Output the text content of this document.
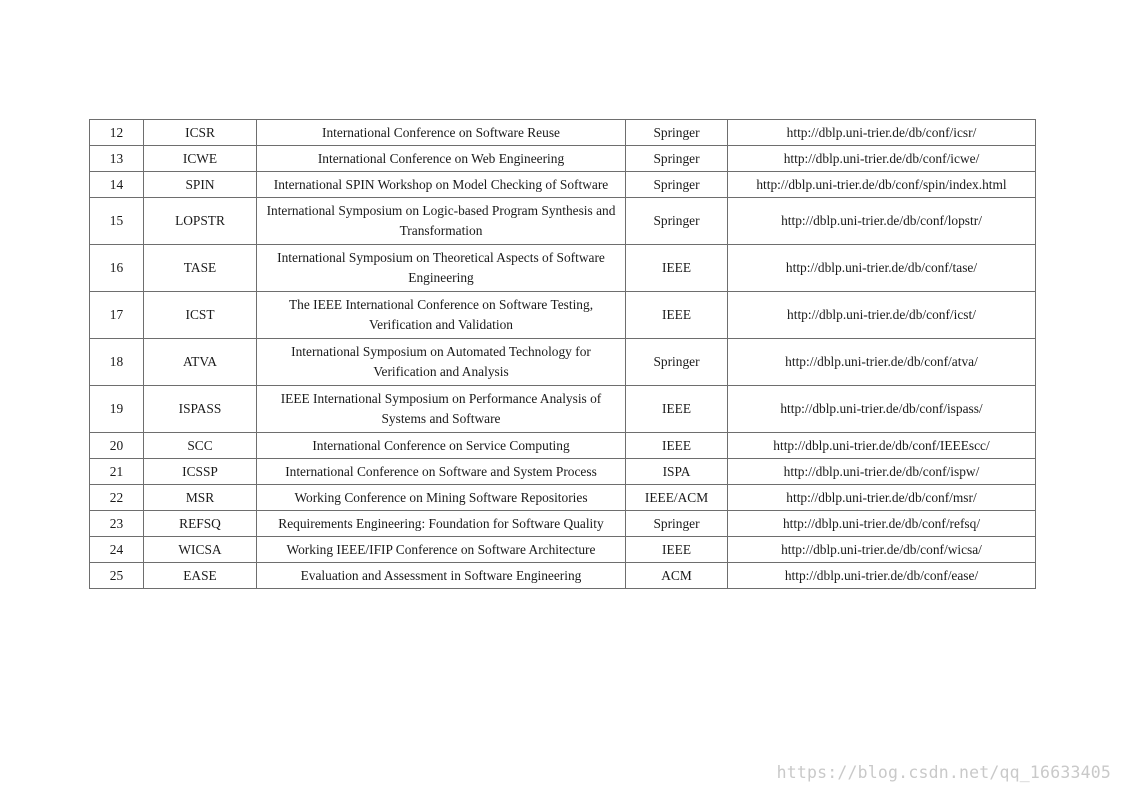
12	ICSR	International Conference on Software Reuse	Springer	http://dblp.uni-trier.de/db/conf/icsr/
13	ICWE	International Conference on Web Engineering	Springer	http://dblp.uni-trier.de/db/conf/icwe/
14	SPIN	International SPIN Workshop on Model Checking of Software	Springer	http://dblp.uni-trier.de/db/conf/spin/index.html
15	LOPSTR	International Symposium on Logic-based Program Synthesis and Transformation	Springer	http://dblp.uni-trier.de/db/conf/lopstr/
16	TASE	International Symposium on Theoretical Aspects of Software Engineering	IEEE	http://dblp.uni-trier.de/db/conf/tase/
17	ICST	The IEEE International Conference on Software Testing, Verification and Validation	IEEE	http://dblp.uni-trier.de/db/conf/icst/
18	ATVA	International Symposium on Automated Technology for Verification and Analysis	Springer	http://dblp.uni-trier.de/db/conf/atva/
19	ISPASS	IEEE International Symposium on Performance Analysis of Systems and Software	IEEE	http://dblp.uni-trier.de/db/conf/ispass/
20	SCC	International Conference on Service Computing	IEEE	http://dblp.uni-trier.de/db/conf/IEEEscc/
21	ICSSP	International Conference on Software and System Process	ISPA	http://dblp.uni-trier.de/db/conf/ispw/
22	MSR	Working Conference on Mining Software Repositories	IEEE/ACM	http://dblp.uni-trier.de/db/conf/msr/
23	REFSQ	Requirements Engineering: Foundation for Software Quality	Springer	http://dblp.uni-trier.de/db/conf/refsq/
24	WICSA	Working IEEE/IFIP Conference on Software Architecture	IEEE	http://dblp.uni-trier.de/db/conf/wicsa/
25	EASE	Evaluation and Assessment in Software Engineering	ACM	http://dblp.uni-trier.de/db/conf/ease/
https://blog.csdn.net/qq_16633405
